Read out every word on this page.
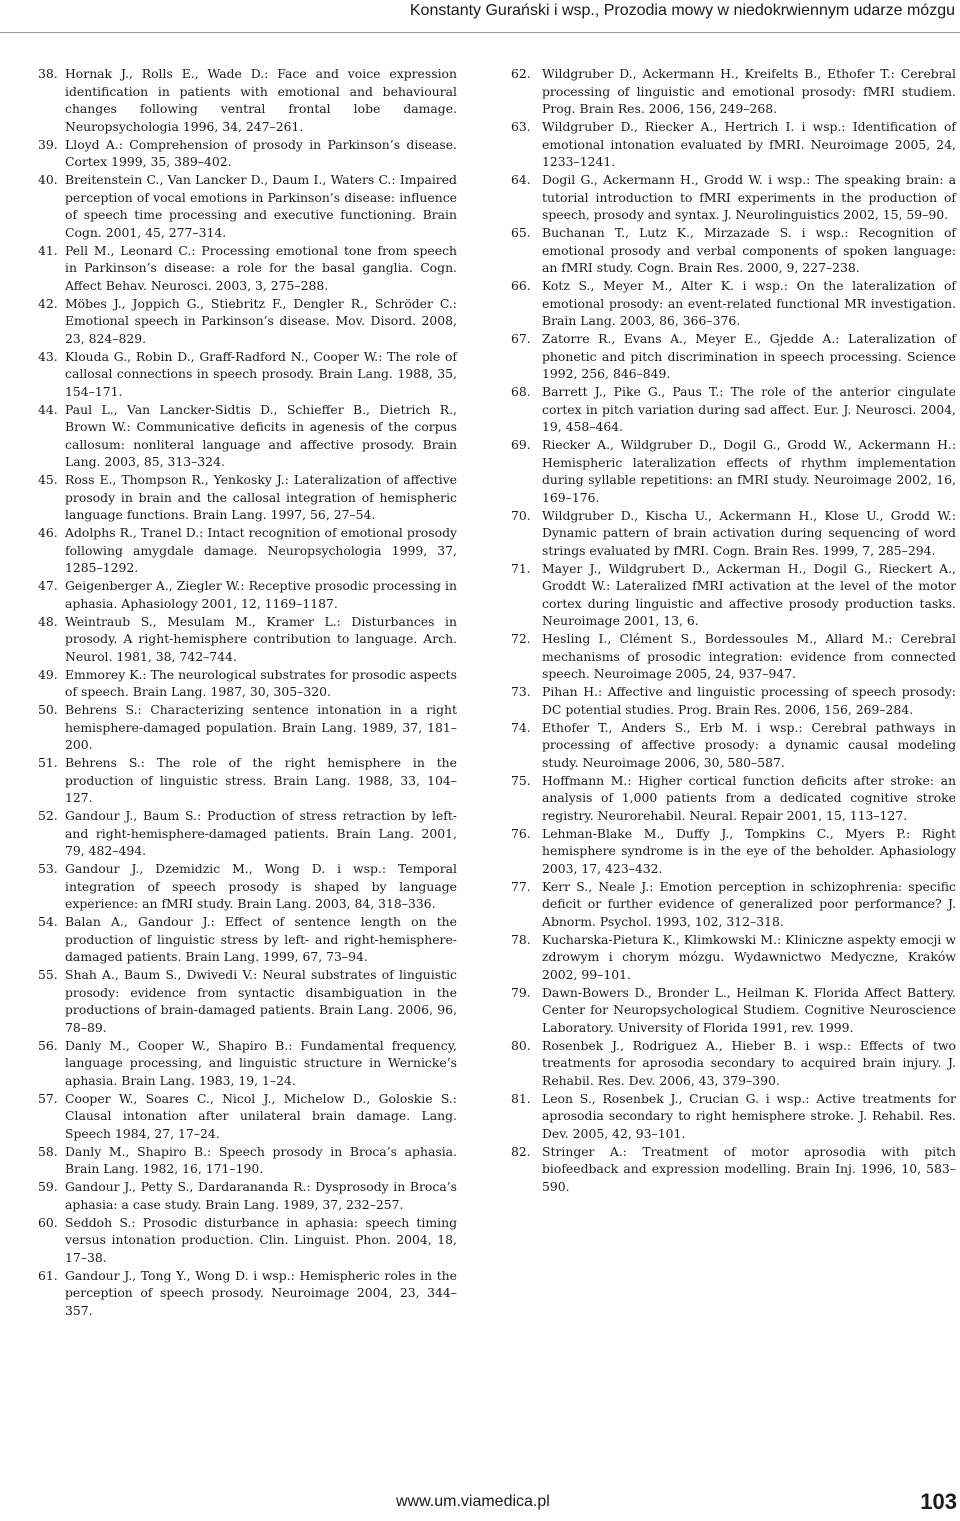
Konstanty Gurański i wsp., Prozodia mowy w niedokrwiennym udarze mózgu
38. Hornak J., Rolls E., Wade D.: Face and voice expression identification in patients with emotional and behavioural changes following ventral frontal lobe damage. Neuropsychologia 1996, 34, 247–261.
39. Lloyd A.: Comprehension of prosody in Parkinson’s disease. Cortex 1999, 35, 389–402.
40. Breitenstein C., Van Lancker D., Daum I., Waters C.: Impaired perception of vocal emotions in Parkinson’s disease: influence of speech time processing and executive functioning. Brain Cogn. 2001, 45, 277–314.
41. Pell M., Leonard C.: Processing emotional tone from speech in Parkinson’s disease: a role for the basal ganglia. Cogn. Affect Behav. Neurosci. 2003, 3, 275–288.
42. Möbes J., Joppich G., Stiebritz F., Dengler R., Schröder C.: Emotional speech in Parkinson’s disease. Mov. Disord. 2008, 23, 824–829.
43. Klouda G., Robin D., Graff-Radford N., Cooper W.: The role of callosal connections in speech prosody. Brain Lang. 1988, 35, 154–171.
44. Paul L., Van Lancker-Sidtis D., Schieffer B., Dietrich R., Brown W.: Communicative deficits in agenesis of the corpus callosum: nonliteral language and affective prosody. Brain Lang. 2003, 85, 313–324.
45. Ross E., Thompson R., Yenkosky J.: Lateralization of affective prosody in brain and the callosal integration of hemispheric language functions. Brain Lang. 1997, 56, 27–54.
46. Adolphs R., Tranel D.: Intact recognition of emotional prosody following amygdale damage. Neuropsychologia 1999, 37, 1285–1292.
47. Geigenberger A., Ziegler W.: Receptive prosodic processing in aphasia. Aphasiology 2001, 12, 1169–1187.
48. Weintraub S., Mesulam M., Kramer L.: Disturbances in prosody. A right-hemisphere contribution to language. Arch. Neurol. 1981, 38, 742–744.
49. Emmorey K.: The neurological substrates for prosodic aspects of speech. Brain Lang. 1987, 30, 305–320.
50. Behrens S.: Characterizing sentence intonation in a right hemisphere-damaged population. Brain Lang. 1989, 37, 181–200.
51. Behrens S.: The role of the right hemisphere in the production of linguistic stress. Brain Lang. 1988, 33, 104–127.
52. Gandour J., Baum S.: Production of stress retraction by left- and right-hemisphere-damaged patients. Brain Lang. 2001, 79, 482–494.
53. Gandour J., Dzemidzic M., Wong D. i wsp.: Temporal integration of speech prosody is shaped by language experience: an fMRI study. Brain Lang. 2003, 84, 318–336.
54. Balan A., Gandour J.: Effect of sentence length on the production of linguistic stress by left- and right-hemisphere-damaged patients. Brain Lang. 1999, 67, 73–94.
55. Shah A., Baum S., Dwivedi V.: Neural substrates of linguistic prosody: evidence from syntactic disambiguation in the productions of brain-damaged patients. Brain Lang. 2006, 96, 78–89.
56. Danly M., Cooper W., Shapiro B.: Fundamental frequency, language processing, and linguistic structure in Wernicke’s aphasia. Brain Lang. 1983, 19, 1–24.
57. Cooper W., Soares C., Nicol J., Michelow D., Goloskie S.: Clausal intonation after unilateral brain damage. Lang. Speech 1984, 27, 17–24.
58. Danly M., Shapiro B.: Speech prosody in Broca’s aphasia. Brain Lang. 1982, 16, 171–190.
59. Gandour J., Petty S., Dardarananda R.: Dysprosody in Broca’s aphasia: a case study. Brain Lang. 1989, 37, 232–257.
60. Seddoh S.: Prosodic disturbance in aphasia: speech timing versus intonation production. Clin. Linguist. Phon. 2004, 18, 17–38.
61. Gandour J., Tong Y., Wong D. i wsp.: Hemispheric roles in the perception of speech prosody. Neuroimage 2004, 23, 344–357.
62. Wildgruber D., Ackermann H., Kreifelts B., Ethofer T.: Cerebral processing of linguistic and emotional prosody: fMRI studiem. Prog. Brain Res. 2006, 156, 249–268.
63. Wildgruber D., Riecker A., Hertrich I. i wsp.: Identification of emotional intonation evaluated by fMRI. Neuroimage 2005, 24, 1233–1241.
64. Dogil G., Ackermann H., Grodd W. i wsp.: The speaking brain: a tutorial introduction to fMRI experiments in the production of speech, prosody and syntax. J. Neurolinguistics 2002, 15, 59–90.
65. Buchanan T., Lutz K., Mirzazade S. i wsp.: Recognition of emotional prosody and verbal components of spoken language: an fMRI study. Cogn. Brain Res. 2000, 9, 227–238.
66. Kotz S., Meyer M., Alter K. i wsp.: On the lateralization of emotional prosody: an event-related functional MR investigation. Brain Lang. 2003, 86, 366–376.
67. Zatorre R., Evans A., Meyer E., Gjedde A.: Lateralization of phonetic and pitch discrimination in speech processing. Science 1992, 256, 846–849.
68. Barrett J., Pike G., Paus T.: The role of the anterior cingulate cortex in pitch variation during sad affect. Eur. J. Neurosci. 2004, 19, 458–464.
69. Riecker A., Wildgruber D., Dogil G., Grodd W., Ackermann H.: Hemispheric lateralization effects of rhythm implementation during syllable repetitions: an fMRI study. Neuroimage 2002, 16, 169–176.
70. Wildgruber D., Kischa U., Ackermann H., Klose U., Grodd W.: Dynamic pattern of brain activation during sequencing of word strings evaluated by fMRI. Cogn. Brain Res. 1999, 7, 285–294.
71. Mayer J., Wildgrubert D., Ackerman H., Dogil G., Rieckert A., Groddt W.: Lateralized fMRI activation at the level of the motor cortex during linguistic and affective prosody production tasks. Neuroimage 2001, 13, 6.
72. Hesling I., Clément S., Bordessoules M., Allard M.: Cerebral mechanisms of prosodic integration: evidence from connected speech. Neuroimage 2005, 24, 937–947.
73. Pihan H.: Affective and linguistic processing of speech prosody: DC potential studies. Prog. Brain Res. 2006, 156, 269–284.
74. Ethofer T., Anders S., Erb M. i wsp.: Cerebral pathways in processing of affective prosody: a dynamic causal modeling study. Neuroimage 2006, 30, 580–587.
75. Hoffmann M.: Higher cortical function deficits after stroke: an analysis of 1,000 patients from a dedicated cognitive stroke registry. Neurorehabil. Neural. Repair 2001, 15, 113–127.
76. Lehman-Blake M., Duffy J., Tompkins C., Myers P.: Right hemisphere syndrome is in the eye of the beholder. Aphasiology 2003, 17, 423–432.
77. Kerr S., Neale J.: Emotion perception in schizophrenia: specific deficit or further evidence of generalized poor performance? J. Abnorm. Psychol. 1993, 102, 312–318.
78. Kucharska-Pietura K., Klimkowski M.: Kliniczne aspekty emocji w zdrowym i chorym mózgu. Wydawnictwo Medyczne, Kraków 2002, 99–101.
79. Dawn-Bowers D., Bronder L., Heilman K. Florida Affect Battery. Center for Neuropsychological Studiem. Cognitive Neuroscience Laboratory. University of Florida 1991, rev. 1999.
80. Rosenbek J., Rodriguez A., Hieber B. i wsp.: Effects of two treatments for aprosodia secondary to acquired brain injury. J. Rehabil. Res. Dev. 2006, 43, 379–390.
81. Leon S., Rosenbek J., Crucian G. i wsp.: Active treatments for aprosodia secondary to right hemisphere stroke. J. Rehabil. Res. Dev. 2005, 42, 93–101.
82. Stringer A.: Treatment of motor aprosodia with pitch biofeedback and expression modelling. Brain Inj. 1996, 10, 583–590.
www.um.viamedica.pl	103
